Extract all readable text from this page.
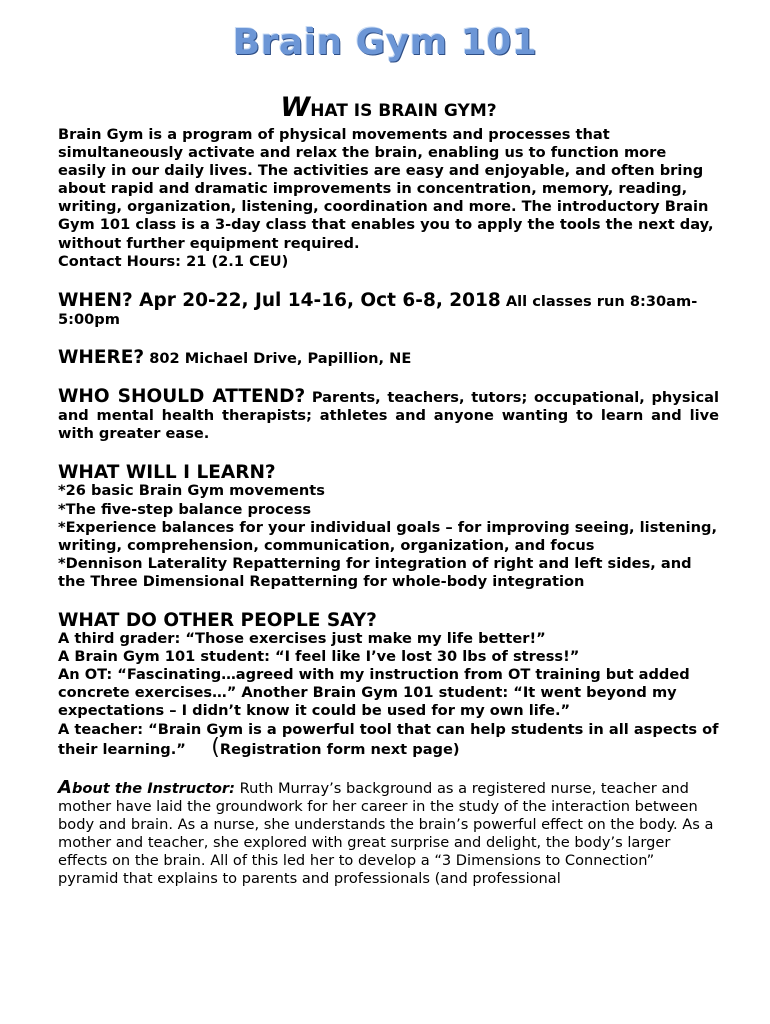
Brain Gym 101
WHAT IS BRAIN GYM?

Brain Gym is a program of physical movements and processes that simultaneously activate and relax the brain, enabling us to function more easily in our daily lives. The activities are easy and enjoyable, and often bring about rapid and dramatic improvements in concentration, memory, reading, writing, organization, listening, coordination and more. The introductory Brain Gym 101 class is a 3-day class that enables you to apply the tools the next day, without further equipment required.

Contact Hours: 21 (2.1 CEU)

WHEN? Apr 20-22, Jul 14-16, Oct 6-8, 2018 All classes run 8:30am-5:00pm

WHERE? 802 Michael Drive, Papillion, NE

WHO SHOULD ATTEND? Parents, teachers, tutors; occupational, physical and mental health therapists; athletes and anyone wanting to learn and live with greater ease.

WHAT WILL I LEARN?

*26 basic Brain Gym movements

*The five-step balance process

*Experience balances for your individual goals – for improving seeing, listening, writing, comprehension, communication, organization, and focus

*Dennison Laterality Repatterning for integration of right and left sides, and the Three Dimensional Repatterning for whole-body integration

WHAT DO OTHER PEOPLE SAY?

A third grader: “Those exercises just make my life better!”

A Brain Gym 101 student: “I feel like I’ve lost 30 lbs of stress!”

An OT: “Fascinating…agreed with my instruction from OT training but added concrete exercises…” Another Brain Gym 101 student: “It went beyond my expectations – I didn’t know it could be used for my own life.”

A teacher: “Brain Gym is a powerful tool that can help students in all aspects of their learning.” (Registration form next page)

About the Instructor: Ruth Murray’s background as a registered nurse, teacher and mother have laid the groundwork for her career in the study of the interaction between body and brain. As a nurse, she understands the brain’s powerful effect on the body. As a mother and teacher, she explored with great surprise and delight, the body’s larger effects on the brain. All of this led her to develop a “3 Dimensions to Connection” pyramid that explains to parents and professionals (and professional
